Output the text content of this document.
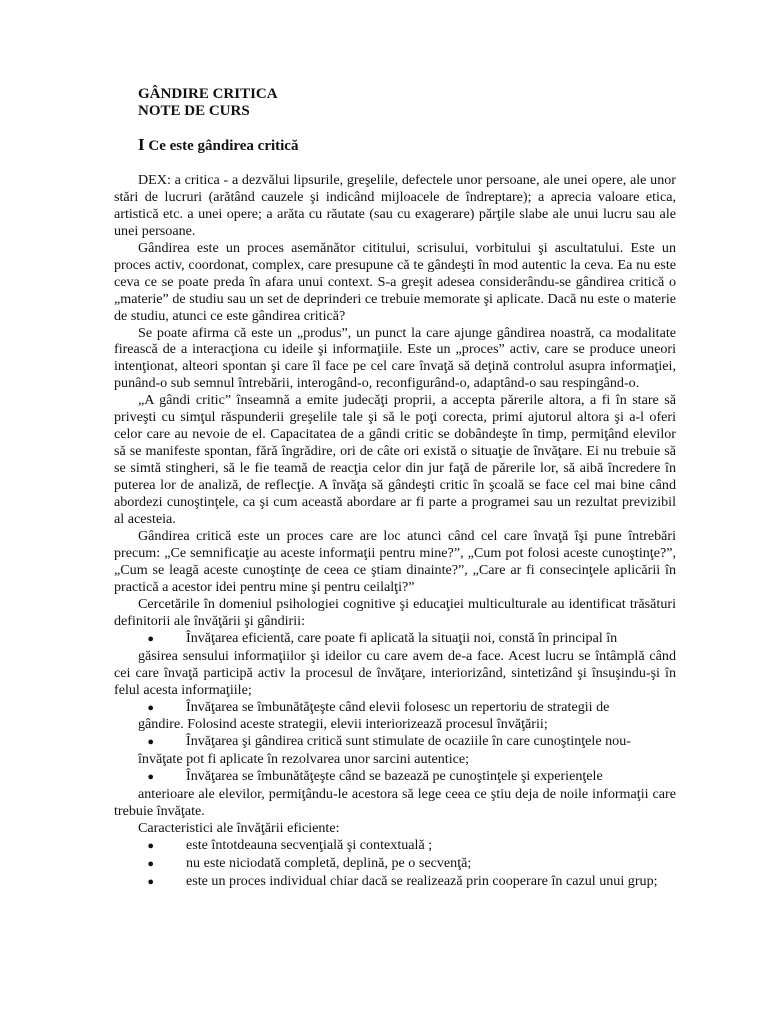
GÂNDIRE CRITICA
NOTE DE CURS
I Ce este gândirea critică

DEX: a critica - a dezvălui lipsurile, greşelile, defectele unor persoane, ale unei opere, ale unor stări de lucruri (arătând cauzele şi indicând mijloacele de îndreptare); a aprecia valoare etica, artistică etc. a unei opere; a arăta cu răutate (sau cu exagerare) părţile slabe ale unui lucru sau ale unei persoane.

Gândirea este un proces asemănător cititului, scrisului, vorbitului şi ascultatului. Este un proces activ, coordonat, complex, care presupune că te gândeşti în mod autentic la ceva. Ea nu este ceva ce se poate preda în afara unui context. S-a greşit adesea considerându-se gândirea critică o „materie” de studiu sau un set de deprinderi ce trebuie memorate şi aplicate. Dacă nu este o materie de studiu, atunci ce este gândirea critică?

Se poate afirma că este un „produs”, un punct la care ajunge gândirea noastră, ca modalitate firească de a interacţiona cu ideile şi informaţiile. Este un „proces” activ, care se produce uneori intenţionat, alteori spontan şi care îl face pe cel care învaţă să deţină controlul asupra informaţiei, punând-o sub semnul întrebării, interogând-o, reconfigurând-o, adaptând-o sau respingând-o.

„A gândi critic” înseamnă a emite judecăţi proprii, a accepta părerile altora, a fi în stare să priveşti cu simţul răspunderii greşelile tale şi să le poţi corecta, primi ajutorul altora şi a-l oferi celor care au nevoie de el. Capacitatea de a gândi critic se dobândeşte în timp, permiţând elevilor să se manifeste spontan, fără îngrădire, ori de câte ori există o situaţie de învăţare. Ei nu trebuie să se simtă stingheri, să le fie teamă de reacţia celor din jur faţă de părerile lor, să aibă încredere în puterea lor de analiză, de reflecţie. A învăţa să gândeşti critic în şcoală se face cel mai bine când abordezi cunoştinţele, ca şi cum această abordare ar fi parte a programei sau un rezultat previzibil al acesteia.

Gândirea critică este un proces care are loc atunci când cel care învaţă îşi pune întrebări precum: „Ce semnificaţie au aceste informaţii pentru mine?”, „Cum pot folosi aceste cunoştinţe?”, „Cum se leagă aceste cunoştinţe de ceea ce ştiam dinainte?”, „Care ar fi consecinţele aplicării în practică a acestor idei pentru mine şi pentru ceilalţi?”

Cercetările în domeniul psihologiei cognitive şi educaţiei multiculturale au identificat trăsături definitorii ale învăţării şi gândirii:

●	Învăţarea eficientă, care poate fi aplicată la situaţii noi, constă în principal în

găsirea sensului informaţiilor şi ideilor cu care avem de-a face. Acest lucru se întâmplă când cei care învaţă participă activ la procesul de învăţare, interiorizând, sintetizând şi însuşindu-şi în felul acesta informaţiile;

●	Învăţarea se îmbunătăţeşte când elevii folosesc un repertoriu de strategii de

gândire. Folosind aceste strategii, elevii interiorizează procesul învăţării;

●	Învăţarea şi gândirea critică sunt stimulate de ocaziile în care cunoştinţele nou-

învăţate pot fi aplicate în rezolvarea unor sarcini autentice;

●	Învăţarea se îmbunătăţeşte când se bazează pe cunoştinţele şi experienţele

anterioare ale elevilor, permiţându-le acestora să lege ceea ce ştiu deja de noile informaţii care trebuie învăţate.

Caracteristici ale învăţării eficiente:

●	este întotdeauna secvenţială şi contextuală ;
●	nu este niciodată completă, deplină, pe o secvenţă;
●	este un proces individual chiar dacă se realizează prin cooperare în cazul unui grup;
